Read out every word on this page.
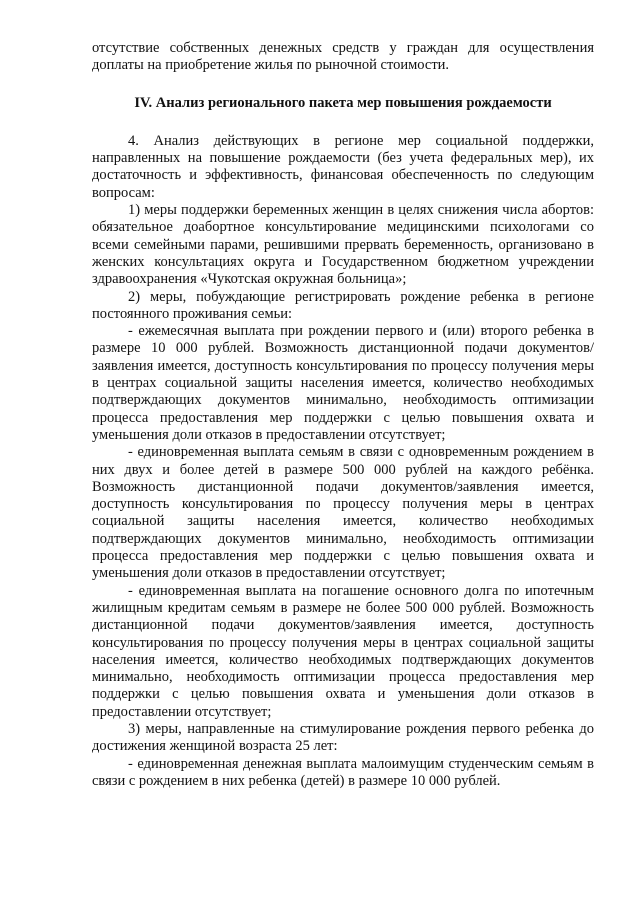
отсутствие собственных денежных средств у граждан для осуществления доплаты на приобретение жилья по рыночной стоимости.

IV. Анализ регионального пакета мер повышения рождаемости

4. Анализ действующих в регионе мер социальной поддержки, направленных на повышение рождаемости (без учета федеральных мер), их достаточность и эффективность, финансовая обеспеченность по следующим вопросам:

1) меры поддержки беременных женщин в целях снижения числа абортов: обязательное доабортное консультирование медицинскими психологами со всеми семейными парами, решившими прервать беременность, организовано в женских консультациях округа и Государственном бюджетном учреждении здравоохранения «Чукотская окружная больница»;

2) меры, побуждающие регистрировать рождение ребенка в регионе постоянного проживания семьи:

- ежемесячная выплата при рождении первого и (или) второго ребенка в размере 10 000 рублей. Возможность дистанционной подачи документов/заявления имеется, доступность консультирования по процессу получения меры в центрах социальной защиты населения имеется, количество необходимых подтверждающих документов минимально, необходимость оптимизации процесса предоставления мер поддержки с целью повышения охвата и уменьшения доли отказов в предоставлении отсутствует;

- единовременная выплата семьям в связи с одновременным рождением в них двух и более детей в размере 500 000 рублей на каждого ребёнка. Возможность дистанционной подачи документов/заявления имеется, доступность консультирования по процессу получения меры в центрах социальной защиты населения имеется, количество необходимых подтверждающих документов минимально, необходимость оптимизации процесса предоставления мер поддержки с целью повышения охвата и уменьшения доли отказов в предоставлении отсутствует;

- единовременная выплата на погашение основного долга по ипотечным жилищным кредитам семьям в размере не более 500 000 рублей. Возможность дистанционной подачи документов/заявления имеется, доступность консультирования по процессу получения меры в центрах социальной защиты населения имеется, количество необходимых подтверждающих документов минимально, необходимость оптимизации процесса предоставления мер поддержки с целью повышения охвата и уменьшения доли отказов в предоставлении отсутствует;

3) меры, направленные на стимулирование рождения первого ребенка до достижения женщиной возраста 25 лет:

- единовременная денежная выплата малоимущим студенческим семьям в связи с рождением в них ребенка (детей) в размере 10 000 рублей.
